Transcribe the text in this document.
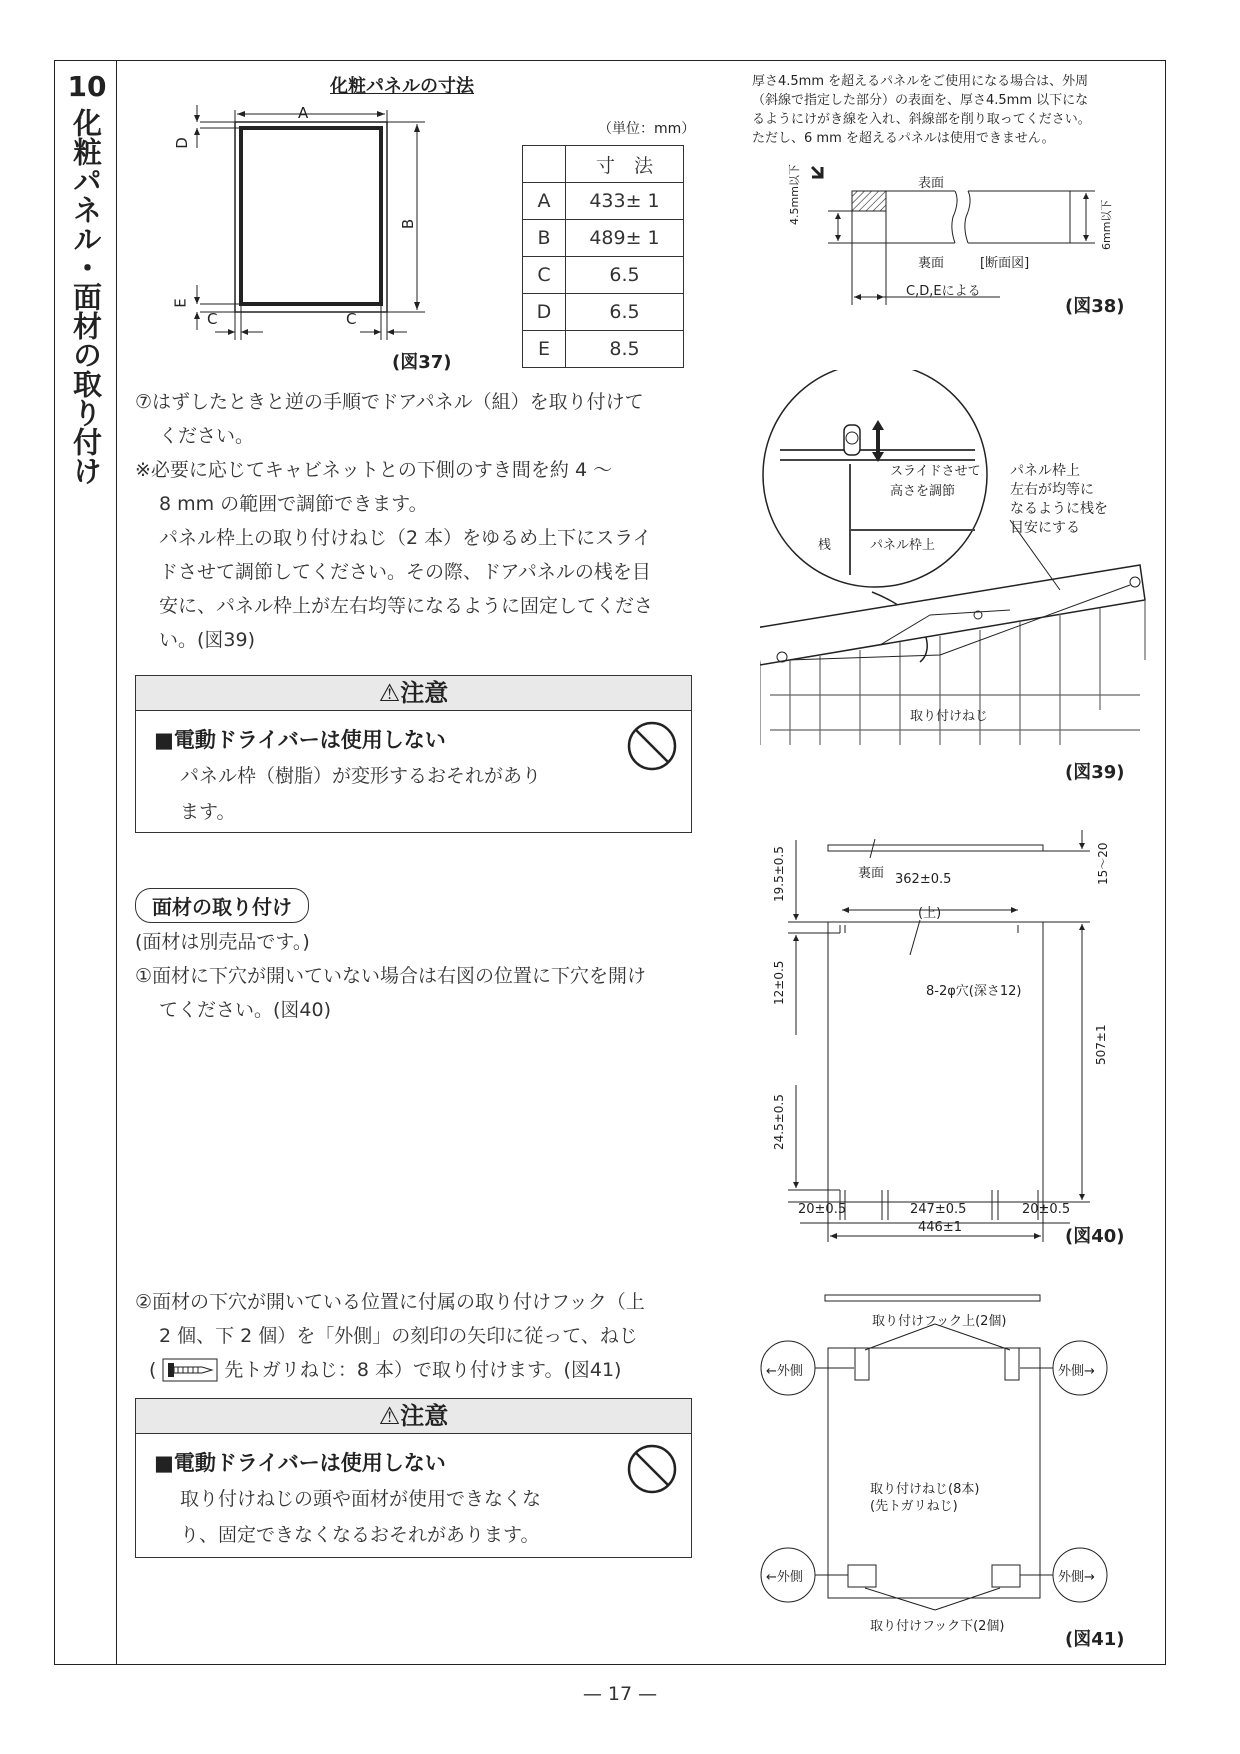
10
化粧パネル・面材の取り付け
化粧パネルの寸法
A
B
C	C
D
E
(図37)
（単位：mm）
	寸　法
A	433± 1
B	489± 1
C	6.5
D	6.5
E	8.5
⑦はずしたときと逆の手順でドアパネル（組）を取り付けて
ください。
※必要に応じてキャビネットとの下側のすき間を約 4 ～
8 mm の範囲で調節できます。
パネル枠上の取り付けねじ（2 本）をゆるめ上下にスライ
ドさせて調節してください。その際、ドアパネルの桟を目
安に、パネル枠上が左右均等になるように固定してくださ
い。(図39)
⚠注意
■電動ドライバーは使用しない
パネル枠（樹脂）が変形するおそれがあり
ます。
面材の取り付け
(面材は別売品です。)
①面材に下穴が開いていない場合は右図の位置に下穴を開け
てください。(図40)
②面材の下穴が開いている位置に付属の取り付けフック（上
2 個、下 2 個）を「外側」の刻印の矢印に従って、ねじ
(	先トガリねじ：8 本）で取り付けます。(図41)
⚠注意
■電動ドライバーは使用しない
取り付けねじの頭や面材が使用できなくな
り、固定できなくなるおそれがあります。
厚さ4.5mm を超えるパネルをご使用になる場合は、外周
（斜線で指定した部分）の表面を、厚さ4.5mm 以下にな
るようにけがき線を入れ、斜線部を削り取ってください。
ただし、6 mm を超えるパネルは使用できません。
表面
裏面	[断面図]
C,D,Eによる
4.5mm以下	6mm以下
(図38)
スライドさせて
高さを調節
桟	パネル枠上
パネル枠上
左右が均等に
なるように桟を
目安にする
取り付けねじ
(図39)
裏面 362±0.5
(上)
19.5±0.5
12±0.5
24.5±0.5
15～20
507±1
8-2φ穴(深さ12)
20±0.5	247±0.5	20±0.5
446±1	(図40)
取り付けフック上(2個)
←外側	外側→
取り付けねじ(8本)
(先トガリねじ)
←外側	外側→
取り付けフック下(2個)
(図41)
— 17 —
